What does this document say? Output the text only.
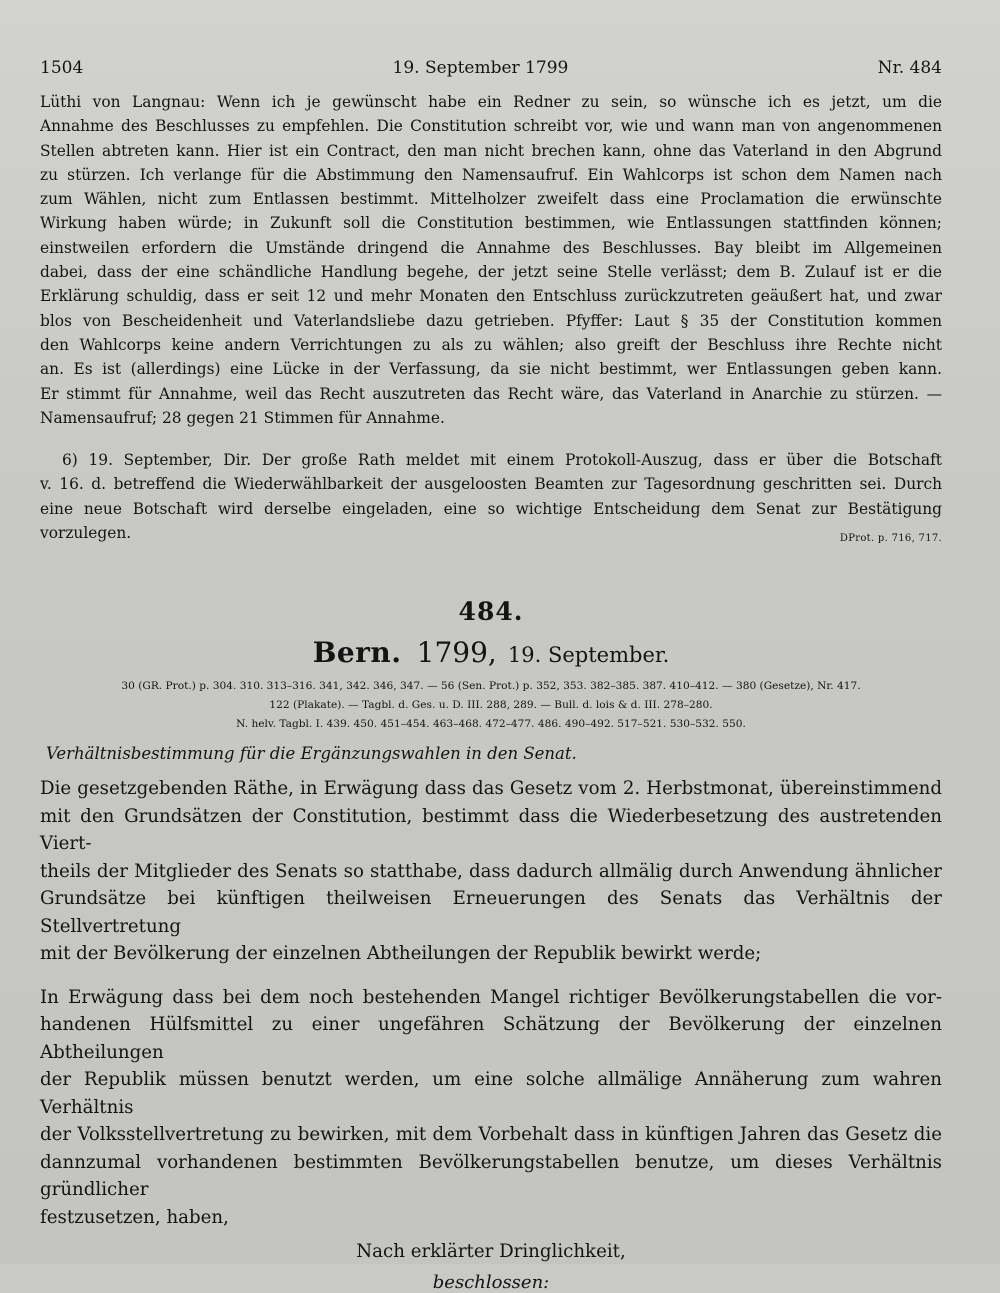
1504	19. September 1799	Nr. 484

Lüthi von Langnau: Wenn ich je gewünscht habe ein Redner zu sein, so wünsche ich es jetzt, um die

Annahme des Beschlusses zu empfehlen. Die Constitution schreibt vor, wie und wann man von angenommenen

Stellen abtreten kann. Hier ist ein Contract, den man nicht brechen kann, ohne das Vaterland in den Abgrund

zu stürzen. Ich verlange für die Abstimmung den Namensaufruf. Ein Wahlcorps ist schon dem Namen nach

zum Wählen, nicht zum Entlassen bestimmt. Mittelholzer zweifelt dass eine Proclamation die erwünschte

Wirkung haben würde; in Zukunft soll die Constitution bestimmen, wie Entlassungen stattfinden können;

einstweilen erfordern die Umstände dringend die Annahme des Beschlusses. Bay bleibt im Allgemeinen

dabei, dass der eine schändliche Handlung begehe, der jetzt seine Stelle verlässt; dem B. Zulauf ist er die

Erklärung schuldig, dass er seit 12 und mehr Monaten den Entschluss zurückzutreten geäußert hat, und zwar

blos von Bescheidenheit und Vaterlandsliebe dazu getrieben. Pfyffer: Laut § 35 der Constitution kommen

den Wahlcorps keine andern Verrichtungen zu als zu wählen; also greift der Beschluss ihre Rechte nicht

an. Es ist (allerdings) eine Lücke in der Verfassung, da sie nicht bestimmt, wer Entlassungen geben kann.

Er stimmt für Annahme, weil das Recht auszutreten das Recht wäre, das Vaterland in Anarchie zu stürzen. —

Namensaufruf; 28 gegen 21 Stimmen für Annahme.

6) 19. September, Dir. Der große Rath meldet mit einem Protokoll-Auszug, dass er über die Botschaft

v. 16. d. betreffend die Wiederwählbarkeit der ausgeloosten Beamten zur Tagesordnung geschritten sei. Durch

eine neue Botschaft wird derselbe eingeladen, eine so wichtige Entscheidung dem Senat zur Bestätigung

DProt. p. 716, 717.
vorzulegen.

484.
Bern. 1799, 19. September.
30 (GR. Prot.) p. 304. 310. 313–316. 341, 342. 346, 347. — 56 (Sen. Prot.) p. 352, 353. 382–385. 387. 410–412. — 380 (Gesetze), Nr. 417.
122 (Plakate). — Tagbl. d. Ges. u. D. III. 288, 289. — Bull. d. lois & d. III. 278–280.
N. helv. Tagbl. I. 439. 450. 451–454. 463–468. 472–477. 486. 490–492. 517–521. 530–532. 550.
Verhältnisbestimmung für die Ergänzungswahlen in den Senat.

Die gesetzgebenden Räthe, in Erwägung dass das Gesetz vom 2. Herbstmonat, übereinstimmend

mit den Grundsätzen der Constitution, bestimmt dass die Wiederbesetzung des austretenden Viert-

theils der Mitglieder des Senats so statthabe, dass dadurch allmälig durch Anwendung ähnlicher

Grundsätze bei künftigen theilweisen Erneuerungen des Senats das Verhältnis der Stellvertretung

mit der Bevölkerung der einzelnen Abtheilungen der Republik bewirkt werde;

In Erwägung dass bei dem noch bestehenden Mangel richtiger Bevölkerungstabellen die vor-

handenen Hülfsmittel zu einer ungefähren Schätzung der Bevölkerung der einzelnen Abtheilungen

der Republik müssen benutzt werden, um eine solche allmälige Annäherung zum wahren Verhältnis

der Volksstellvertretung zu bewirken, mit dem Vorbehalt dass in künftigen Jahren das Gesetz die

dannzumal vorhandenen bestimmten Bevölkerungstabellen benutze, um dieses Verhältnis gründlicher

festzusetzen, haben,

Nach erklärter Dringlichkeit,
beschlossen:
